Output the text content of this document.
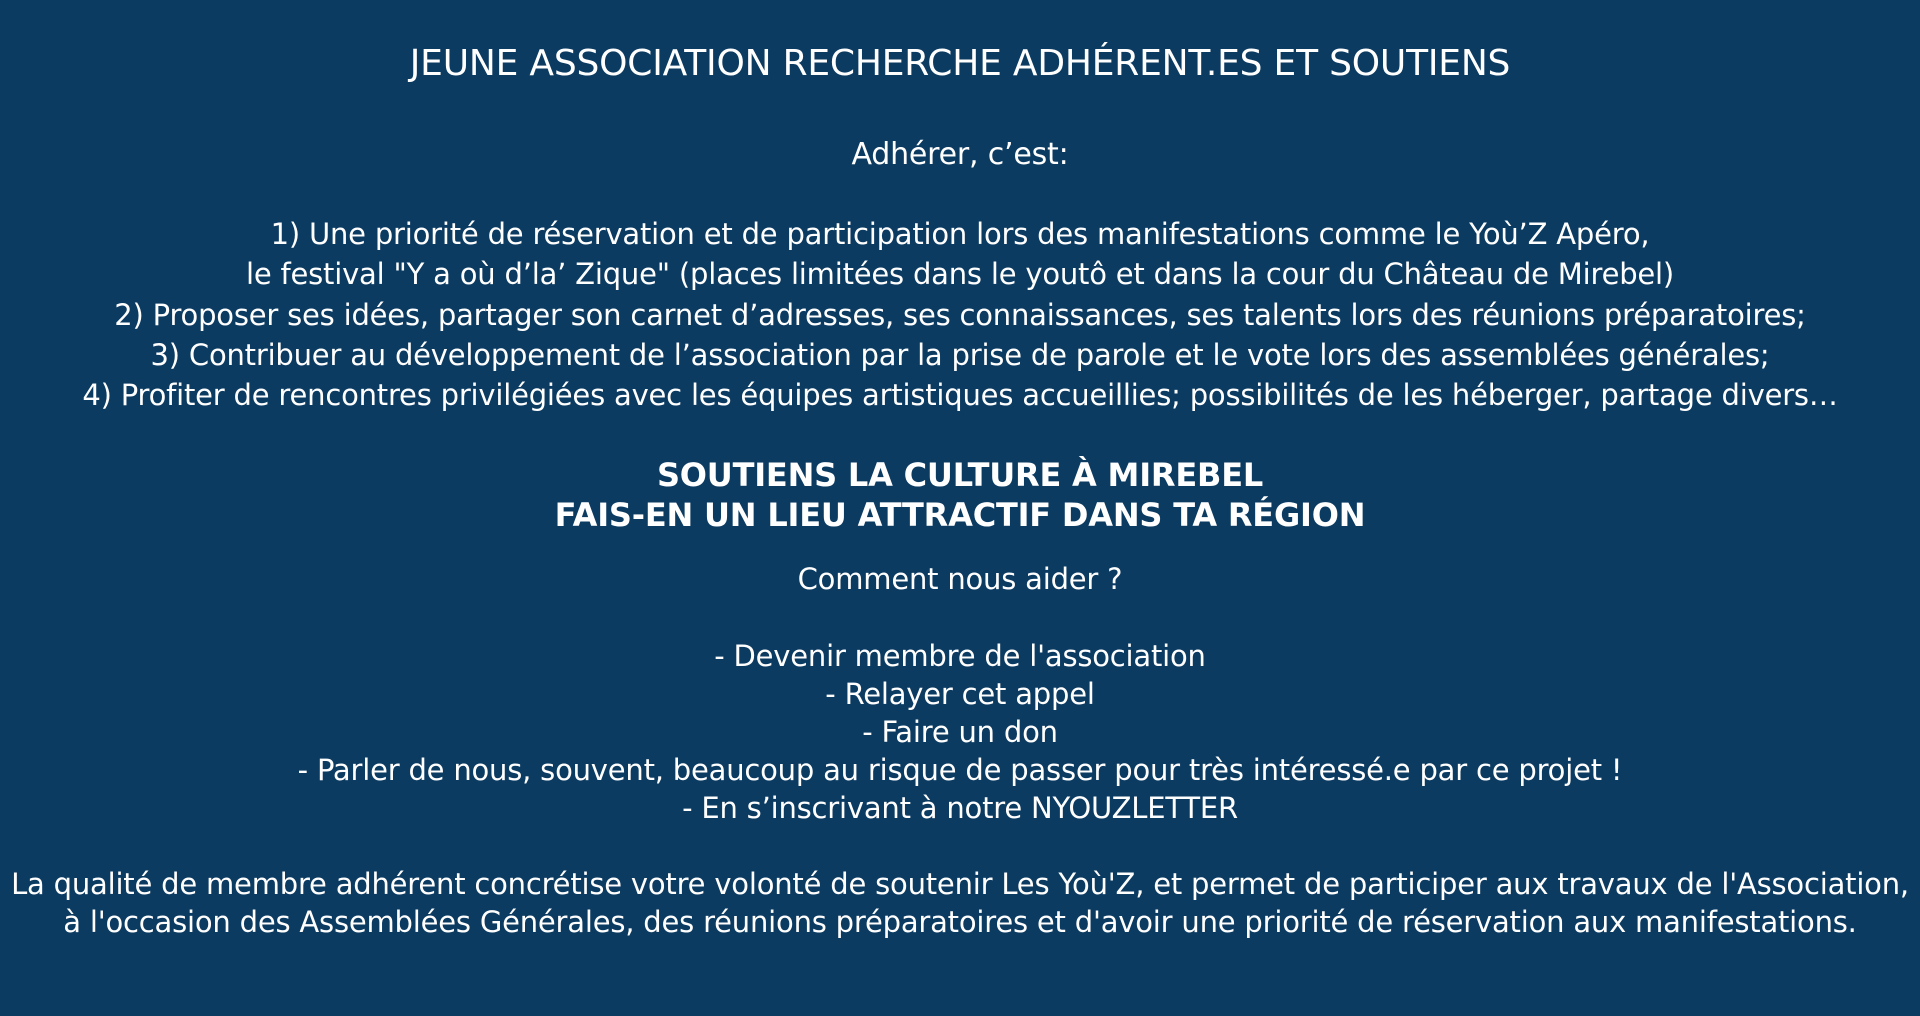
JEUNE ASSOCIATION RECHERCHE ADHÉRENT.ES ET SOUTIENS
Adhérer, c’est:
1) Une priorité de réservation et de participation lors des manifestations comme le Yoù’Z Apéro,
le festival "Y a où d’la’ Zique" (places limitées dans le youtô et dans la cour du Château de Mirebel)
2) Proposer ses idées, partager son carnet d’adresses, ses connaissances, ses talents lors des réunions préparatoires;
3) Contribuer au développement de l’association par la prise de parole et le vote lors des assemblées générales;
4) Profiter de rencontres privilégiées avec les équipes artistiques accueillies; possibilités de les héberger, partage divers…
SOUTIENS LA CULTURE À MIREBEL
FAIS-EN UN LIEU ATTRACTIF DANS TA RÉGION
Comment nous aider ?
- Devenir membre de l'association
- Relayer cet appel
- Faire un don
- Parler de nous, souvent, beaucoup au risque de passer pour très intéressé.e par ce projet !
- En s’inscrivant à notre NYOUZLETTER
La qualité de membre adhérent concrétise votre volonté de soutenir Les Yoù'Z, et permet de participer aux travaux de l'Association,
à l'occasion des Assemblées Générales, des réunions préparatoires et d'avoir une priorité de réservation aux manifestations.
